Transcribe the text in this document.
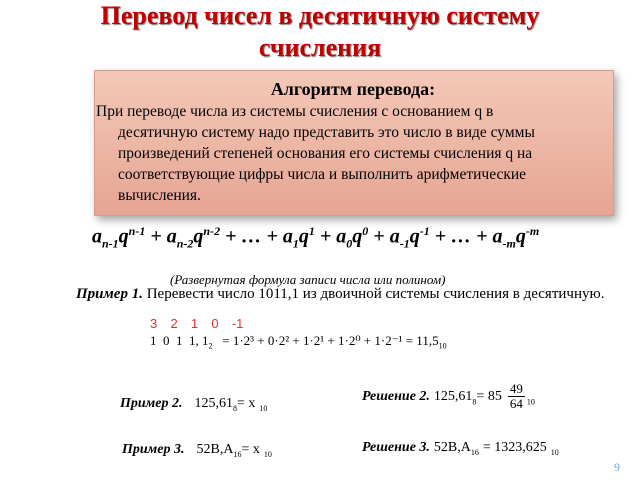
Перевод чисел в десятичную систему
счисления
Алгоритм перевода:
При переводе числа из системы счисления с основанием q в
десятичную систему надо представить это число в виде суммы
произведений степеней основания его системы счисления q на
соответствующие цифры числа и выполнить арифметические
вычисления.
$a_{n-1}q^{n-1} + a_{n-2}q^{n-2}$ + … + $a_1q^1 + a_0q^0 + a_{-1}q^{-1}$ + … + $a_{-m}q^{-m}$
(Развернутая формула записи числа или полином)
Пример 1. Перевести число 1011,1 из двоичной системы счисления в десятичную.
3  2  1  0  -1
1  0  1  1, $1_2 = 1\cdot 2^3 + 0\cdot 2^2 + 1\cdot 2^1 + 1\cdot 2^0 + 1\cdot 2^{-1} = 11,5_{10}$
Пример 2. $125,61_8= x$ $_{10}$
Решение 2. $125,61_8= 85 \frac{49}{64} _{10}$
Пример 3. $52В,А_{16}= x$ $_{10}$	Решение 3. $52В,А_{16} = 1323,625$ $_{10}$
9
